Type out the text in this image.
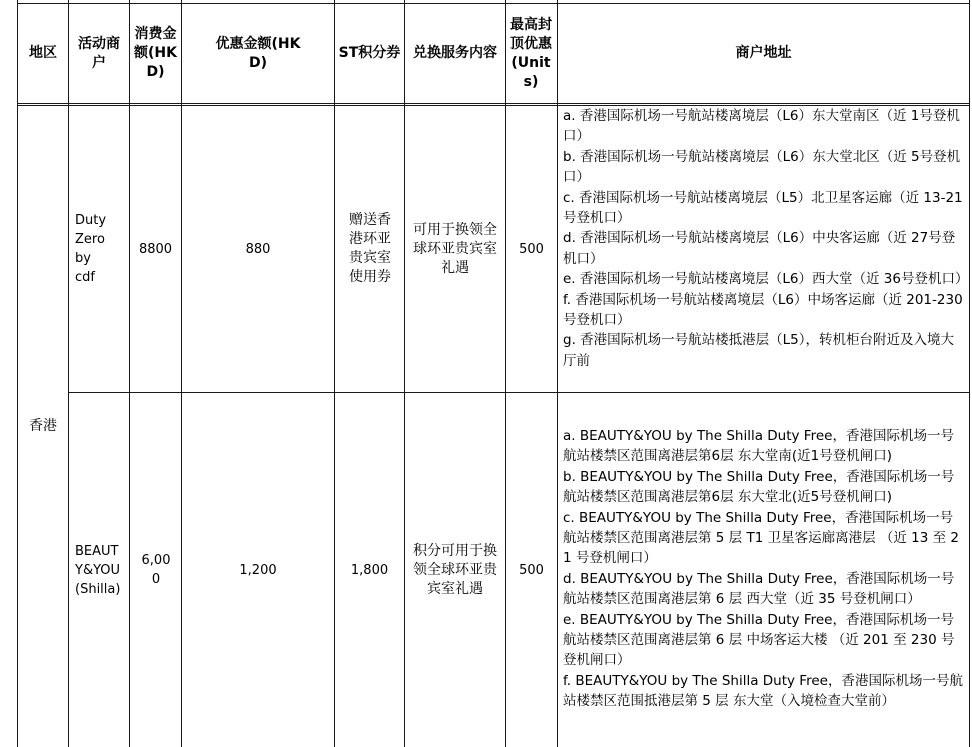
地区
活动商户
消费金额(HKD)
优惠金额(HKD)
ST积分券 兑换服务内容
最高封顶优惠(Units)
商户地址
香港
Duty Zero by cdf
8800	880
赠送香港环亚贵宾室使用券
可用于换领全球环亚贵宾室礼遇
500
a. 香港国际机场一号航站楼离境层（L6）东大堂南区（近 1号登机口）
b. 香港国际机场一号航站楼离境层（L6）东大堂北区（近 5号登机口）
c. 香港国际机场一号航站楼离境层（L5）北卫星客运廊（近 13-21号登机口）
d. 香港国际机场一号航站楼离境层（L6）中央客运廊（近 27号登机口）
e. 香港国际机场一号航站楼离境层（L6）西大堂（近 36号登机口）
f. 香港国际机场一号航站楼离境层（L6）中场客运廊（近 201-230号登机口）
g. 香港国际机场一号航站楼抵港层（L5），转机柜台附近及入境大厅前
BEAUTY&YOU (Shilla)
6,000
1,200	1,800
积分可用于换领全球环亚贵宾室礼遇
500
a. BEAUTY&YOU by The Shilla Duty Free，香港国际机场一号航站楼禁区范围离港层第6层 东大堂南(近1号登机闸口)
b. BEAUTY&YOU by The Shilla Duty Free，香港国际机场一号航站楼禁区范围离港层第6层 东大堂北(近5号登机闸口)
c. BEAUTY&YOU by The Shilla Duty Free，香港国际机场一号航站楼禁区范围离港层第 5 层 T1 卫星客运廊离港层 （近 13 至 21 号登机闸口）
d. BEAUTY&YOU by The Shilla Duty Free，香港国际机场一号航站楼禁区范围离港层第 6 层 西大堂（近 35 号登机闸口）
e. BEAUTY&YOU by The Shilla Duty Free，香港国际机场一号航站楼禁区范围离港层第 6 层 中场客运大楼 （近 201 至 230 号登机闸口）
f. BEAUTY&YOU by The Shilla Duty Free，香港国际机场一号航站楼禁区范围抵港层第 5 层 东大堂（入境检查大堂前）
